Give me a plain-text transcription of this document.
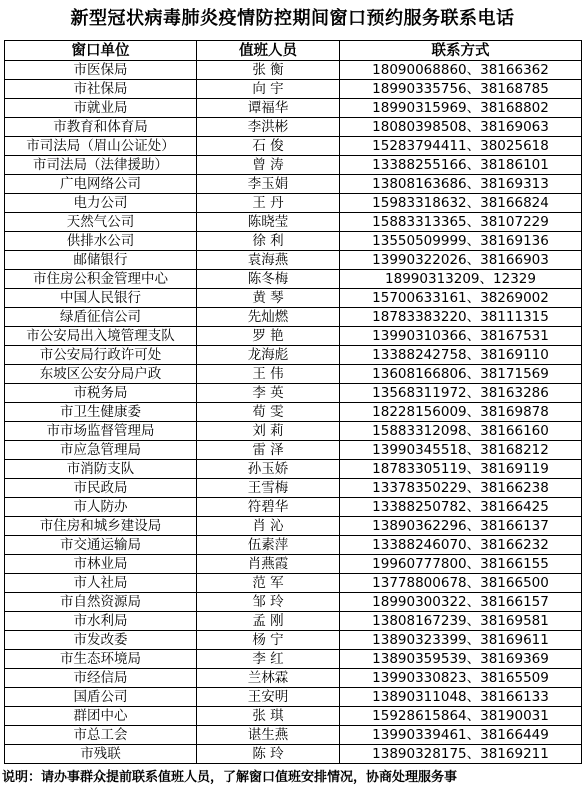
新型冠状病毒肺炎疫情防控期间窗口预约服务联系电话
窗口单位	值班人员	联系方式
市医保局	张 衡	18090068860、38166362
市社保局	向 宇	18990335756、38168785
市就业局	谭福华	18990315969、38168802
市教育和体育局	李洪彬	18080398508、38169063
市司法局（眉山公证处）	石 俊	15283794411、38025618
市司法局（法律援助）	曾 涛	13388255166、38186101
广电网络公司	李玉娟	13808163686、38169313
电力公司	王 丹	15983318632、38166824
天然气公司	陈晓莹	15883313365、38107229
供排水公司	徐 利	13550509999、38169136
邮储银行	袁海燕	13990322026、38166903
市住房公积金管理中心	陈冬梅	18990313209、12329
中国人民银行	黄 琴	15700633161、38269002
绿盾征信公司	先灿燃	18783383220、38111315
市公安局出入境管理支队	罗 艳	13990310366、38167531
市公安局行政许可处	龙海彪	13388242758、38169110
东坡区公安分局户政	王 伟	13608166806、38171569
市税务局	李 英	13568311972、38163286
市卫生健康委	荀 雯	18228156009、38169878
市市场监督管理局	刘 莉	15883312098、38166160
市应急管理局	雷 泽	13990345518、38168212
市消防支队	孙玉娇	18783305119、38169119
市民政局	王雪梅	13378350229、38166238
市人防办	符碧华	13388250782、38166425
市住房和城乡建设局	肖 沁	13890362296、38166137
市交通运输局	伍素萍	13388246070、38166232
市林业局	肖燕霞	19960777800、38166155
市人社局	范 军	13778800678、38166500
市自然资源局	邹 玲	18990300322、38166157
市水利局	孟 刚	13808167239、38169581
市发改委	杨 宁	13890323399、38169611
市生态环境局	李 红	13890359539、38169369
市经信局	兰林霖	13990330823、38165509
国盾公司	王安明	13890311048、38166133
群团中心	张 琪	15928615864、38190031
市总工会	谌生燕	13990339461、38166449
市残联	陈 玲	13890328175、38169211
说明：请办事群众提前联系值班人员，了解窗口值班安排情况，协商处理服务事
